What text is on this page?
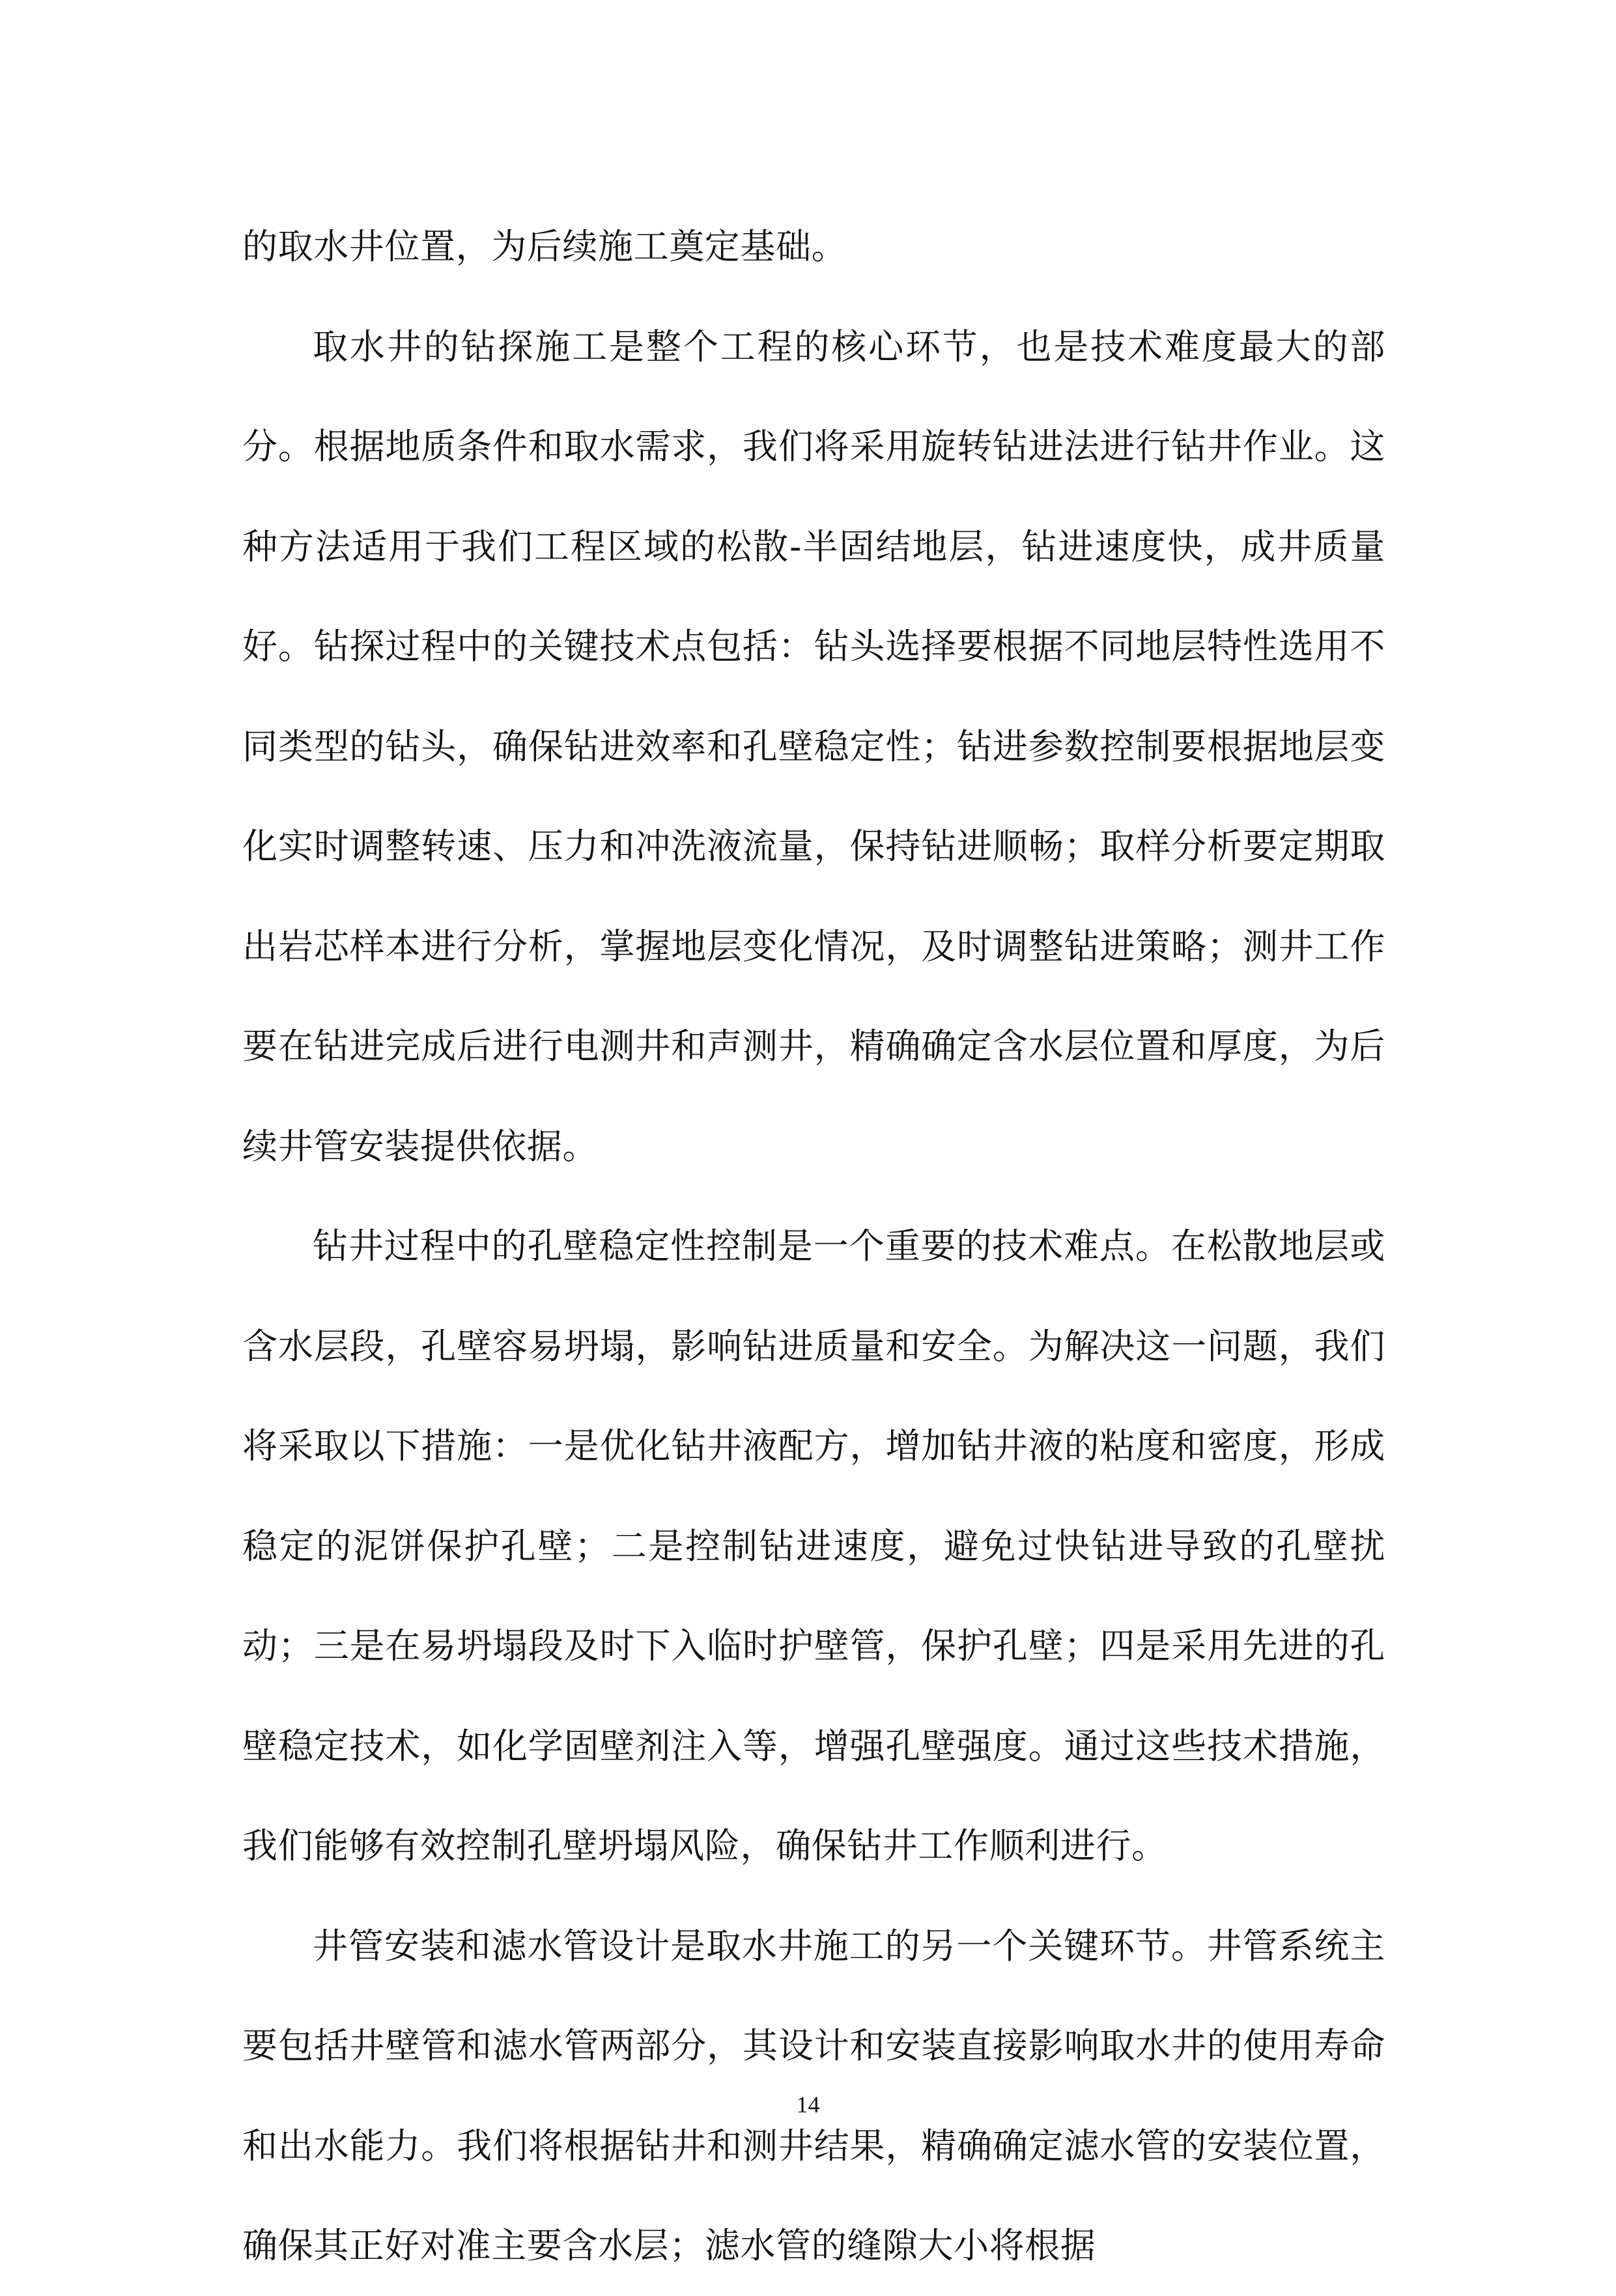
的取水井位置，为后续施工奠定基础。

取水井的钻探施工是整个工程的核心环节，也是技术难度最大的部分。根据地质条件和取水需求，我们将采用旋转钻进法进行钻井作业。这种方法适用于我们工程区域的松散-半固结地层，钻进速度快，成井质量好。钻探过程中的关键技术点包括：钻头选择要根据不同地层特性选用不同类型的钻头，确保钻进效率和孔壁稳定性；钻进参数控制要根据地层变化实时调整转速、压力和冲洗液流量，保持钻进顺畅；取样分析要定期取出岩芯样本进行分析，掌握地层变化情况，及时调整钻进策略；测井工作要在钻进完成后进行电测井和声测井，精确确定含水层位置和厚度，为后续井管安装提供依据。

钻井过程中的孔壁稳定性控制是一个重要的技术难点。在松散地层或含水层段，孔壁容易坍塌，影响钻进质量和安全。为解决这一问题，我们将采取以下措施：一是优化钻井液配方，增加钻井液的粘度和密度，形成稳定的泥饼保护孔壁；二是控制钻进速度，避免过快钻进导致的孔壁扰动；三是在易坍塌段及时下入临时护壁管，保护孔壁；四是采用先进的孔壁稳定技术，如化学固壁剂注入等，增强孔壁强度。通过这些技术措施，我们能够有效控制孔壁坍塌风险，确保钻井工作顺利进行。

井管安装和滤水管设计是取水井施工的另一个关键环节。井管系统主要包括井壁管和滤水管两部分，其设计和安装直接影响取水井的使用寿命和出水能力。我们将根据钻井和测井结果，精确确定滤水管的安装位置，确保其正好对准主要含水层；滤水管的缝隙大小将根据

14
